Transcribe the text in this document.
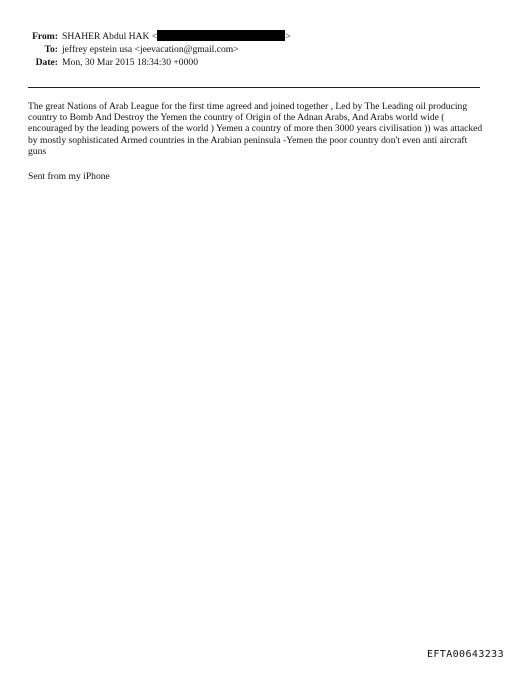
From: SHAHER Abdul HAK <	>
To: jeffrey epstein usa <jeevacation@gmail.com>
Date: Mon, 30 Mar 2015 18:34:30 +0000

The great Nations of Arab League for the first time agreed and joined together , Led by The Leading oil producing country to Bomb And Destroy the Yemen the country of Origin of the Adnan Arabs, And Arabs world wide ( encouraged by the leading powers of the world ) Yemen a country of more then 3000 years civilisation )) was attacked by mostly sophisticated Armed countries in the Arabian peninsula -Yemen the poor country don't even anti aircraft guns

Sent from my iPhone

EFTA00643233
